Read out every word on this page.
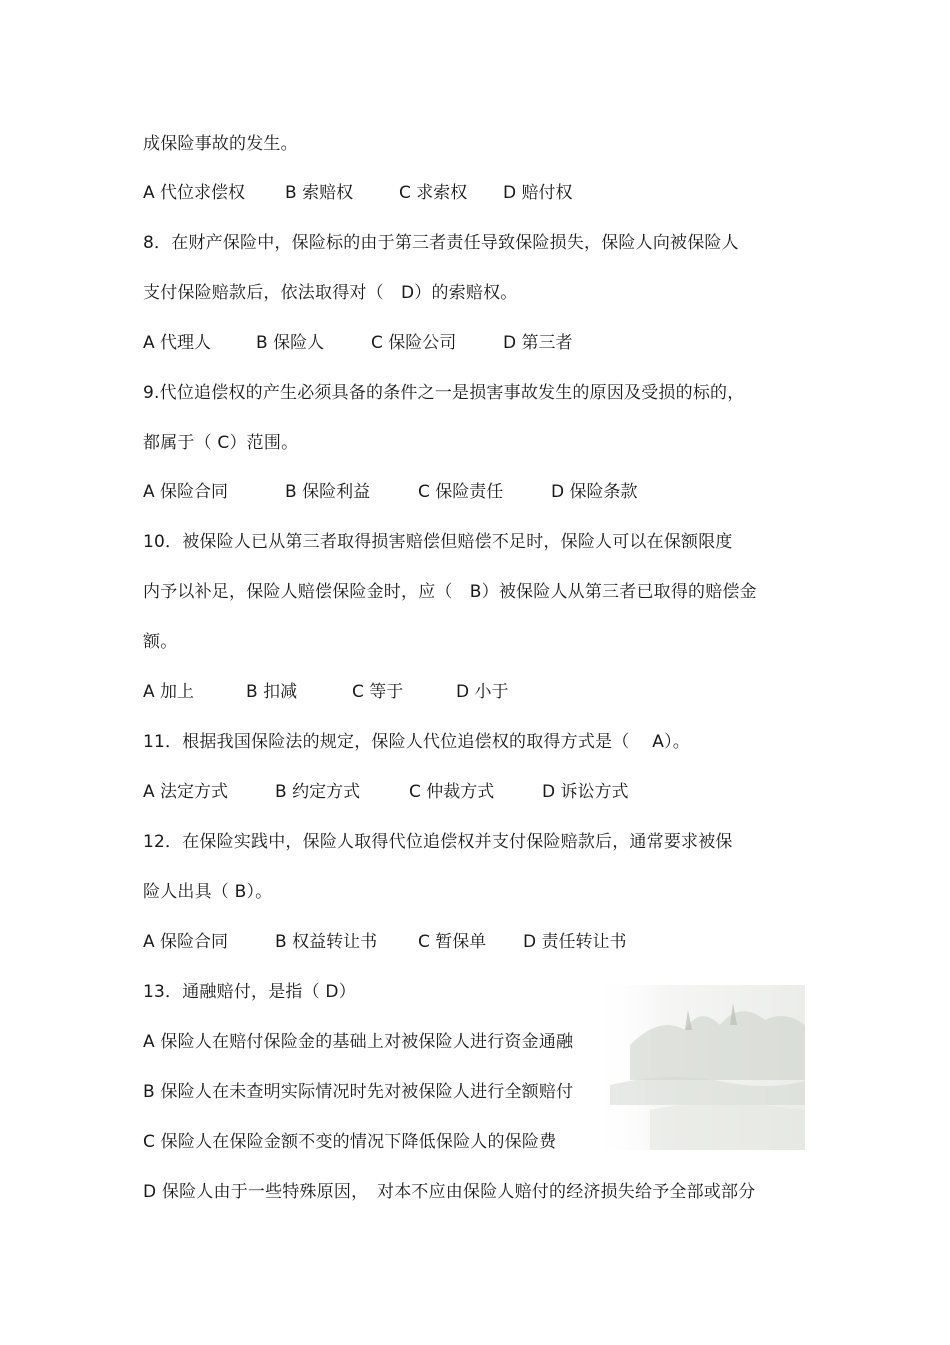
成保险事故的发生。

A 代位求偿权

B 索赔权

	C 求索权

D 赔付权

8．在财产保险中，保险标的由于第三者责任导致保险损失，保险人向被保险人
支付保险赔款后，依法取得对（　D）的索赔权。

A 代理人

	B 保险人

	C 保险公司

	D 第三者

9.代位追偿权的产生必须具备的条件之一是损害事故发生的原因及受损的标的，
都属于（ C）范围。

A 保险合同

	B 保险利益

	C 保险责任

	D 保险条款

10．被保险人已从第三者取得损害赔偿但赔偿不足时，保险人可以在保额限度
内予以补足，保险人赔偿保险金时，应（　B）被保险人从第三者已取得的赔偿金
额。

A 加上

	B 扣减

	C 等于

	D 小于

11．根据我国保险法的规定，保险人代位追偿权的取得方式是（　 A）。

A 法定方式

	B 约定方式

	C 仲裁方式

	D 诉讼方式

12．在保险实践中，保险人取得代位追偿权并支付保险赔款后，通常要求被保
险人出具（ B）。

A 保险合同

	B 权益转让书

C 暂保单

D 责任转让书

13．通融赔付，是指（ D）
A 保险人在赔付保险金的基础上对被保险人进行资金通融
B 保险人在未查明实际情况时先对被保险人进行全额赔付
C 保险人在保险金额不变的情况下降低保险人的保险费
D 保险人由于一些特殊原因，　对本不应由保险人赔付的经济损失给予全部或部分
